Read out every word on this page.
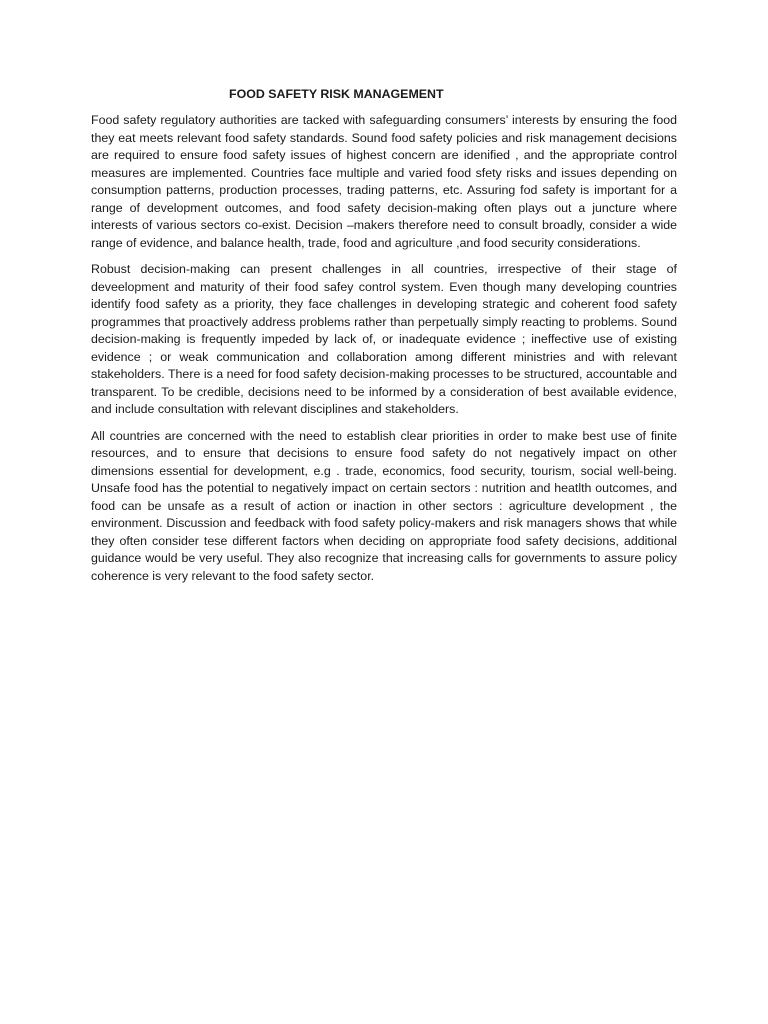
FOOD SAFETY RISK MANAGEMENT

Food safety regulatory authorities are tacked with safeguarding consumers’ interests by ensuring the food they eat meets relevant food safety standards. Sound food safety policies and risk management decisions are required to ensure food safety issues of highest concern are idenified , and the appropriate control measures are implemented. Countries face multiple and varied food sfety risks and issues depending on consumption patterns, production processes, trading patterns, etc. Assuring fod safety is important for a range of development outcomes, and food safety decision-making often plays out a juncture where interests of various sectors co-exist. Decision –makers therefore need to consult broadly, consider a wide range of evidence, and balance health, trade, food and agriculture ,and food security considerations.

Robust decision-making can present challenges in all countries, irrespective of their stage of deveelopment and maturity of their food safey control system. Even though many developing countries identify food safety as a priority, they face challenges in developing strategic and coherent food safety programmes that proactively address problems rather than perpetually simply reacting to problems. Sound decision-making is frequently impeded by lack of, or inadequate evidence ; ineffective use of existing evidence ; or weak communication and collaboration among different ministries and with relevant stakeholders. There is a need for food safety decision-making processes to be structured, accountable and transparent. To be credible, decisions need to be informed by a consideration of best available evidence, and include consultation with relevant disciplines and stakeholders.

All countries are concerned with the need to establish clear priorities in order to make best use of finite resources, and to ensure that decisions to ensure food safety do not negatively impact on other dimensions essential for development, e.g . trade, economics, food security, tourism, social well-being. Unsafe food has the potential to negatively impact on certain sectors : nutrition and heatlth outcomes, and food can be unsafe as a result of action or inaction in other sectors : agriculture development , the environment. Discussion and feedback with food safety policy-makers and risk managers shows that while they often consider tese different factors when deciding on appropriate food safety decisions, additional guidance would be very useful. They also recognize that increasing calls for governments to assure policy coherence is very relevant to the food safety sector.
